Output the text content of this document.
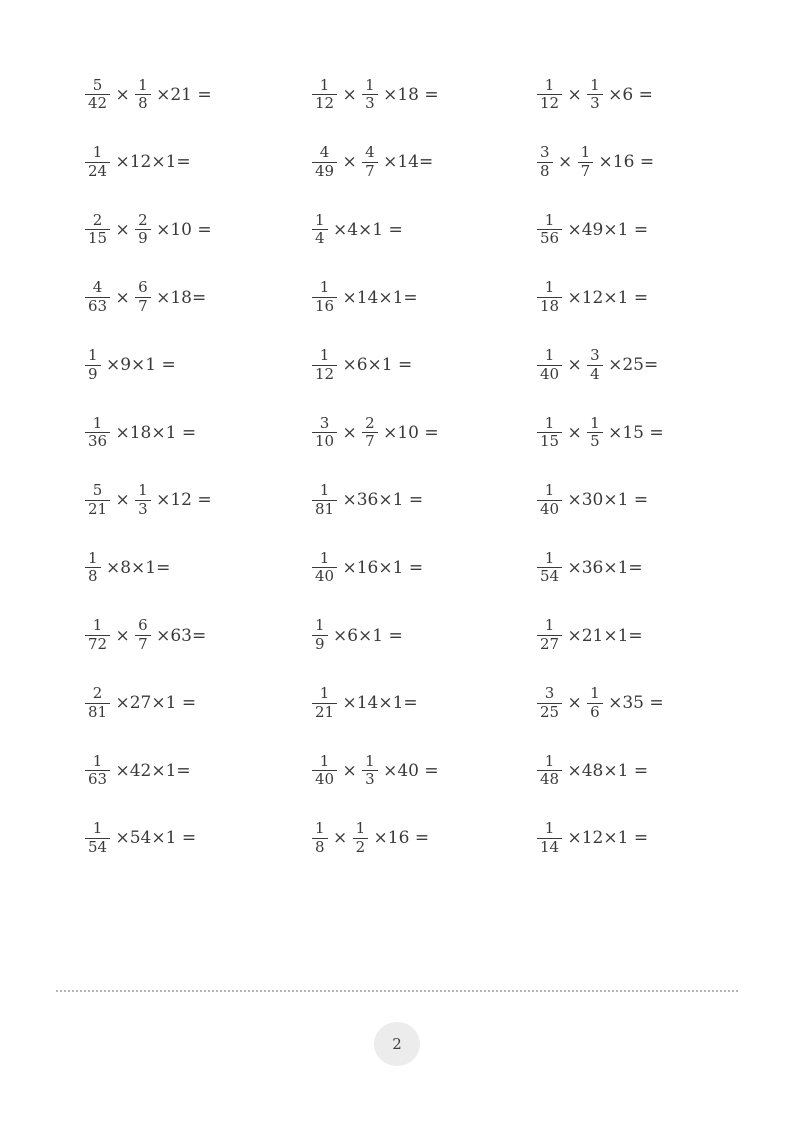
$\frac{5}{42} \times \frac{1}{8} \times 21$ =	$\frac{1}{12} \times \frac{1}{3} \times 18$ =	$\frac{1}{12} \times \frac{1}{3} \times 6$ =
$\frac{1}{24} \times 12\times 1=$	$\frac{4}{49} \times \frac{4}{7} \times 14=$	$\frac{3}{8} \times \frac{1}{7} \times 16$ =
$\frac{2}{15} \times \frac{2}{9} \times 10$ =	$\frac{1}{4} \times 4\times 1$ =	$\frac{1}{56} \times 49\times 1$ =
$\frac{4}{63} \times \frac{6}{7} \times 18=$	$\frac{1}{16} \times 14\times 1=$	$\frac{1}{18} \times 12\times 1$ =
$\frac{1}{9} \times 9\times 1$ =	$\frac{1}{12} \times 6\times 1$ =	$\frac{1}{40} \times \frac{3}{4} \times 25=$
$\frac{1}{36} \times 18\times 1$ =	$\frac{3}{10} \times \frac{2}{7} \times 10$ =	$\frac{1}{15} \times \frac{1}{5} \times 15$ =
$\frac{5}{21} \times \frac{1}{3} \times 12$ =	$\frac{1}{81} \times 36\times 1$ =	$\frac{1}{40} \times 30\times 1$ =
$\frac{1}{8} \times 8\times 1=$	$\frac{1}{40} \times 16\times 1$ =	$\frac{1}{54} \times 36\times 1=$
$\frac{1}{72} \times \frac{6}{7} \times 63=$	$\frac{1}{9} \times 6\times 1$ =	$\frac{1}{27} \times 21\times 1=$
$\frac{2}{81} \times 27\times 1$ =	$\frac{1}{21} \times 14\times 1=$	$\frac{3}{25} \times \frac{1}{6} \times 35$ =
$\frac{1}{63} \times 42\times 1=$	$\frac{1}{40} \times \frac{1}{3} \times 40$ =	$\frac{1}{48} \times 48\times 1$ =
$\frac{1}{54} \times 54\times 1$ =	$\frac{1}{8} \times \frac{1}{2} \times 16$ =	$\frac{1}{14} \times 12\times 1$ =
2
